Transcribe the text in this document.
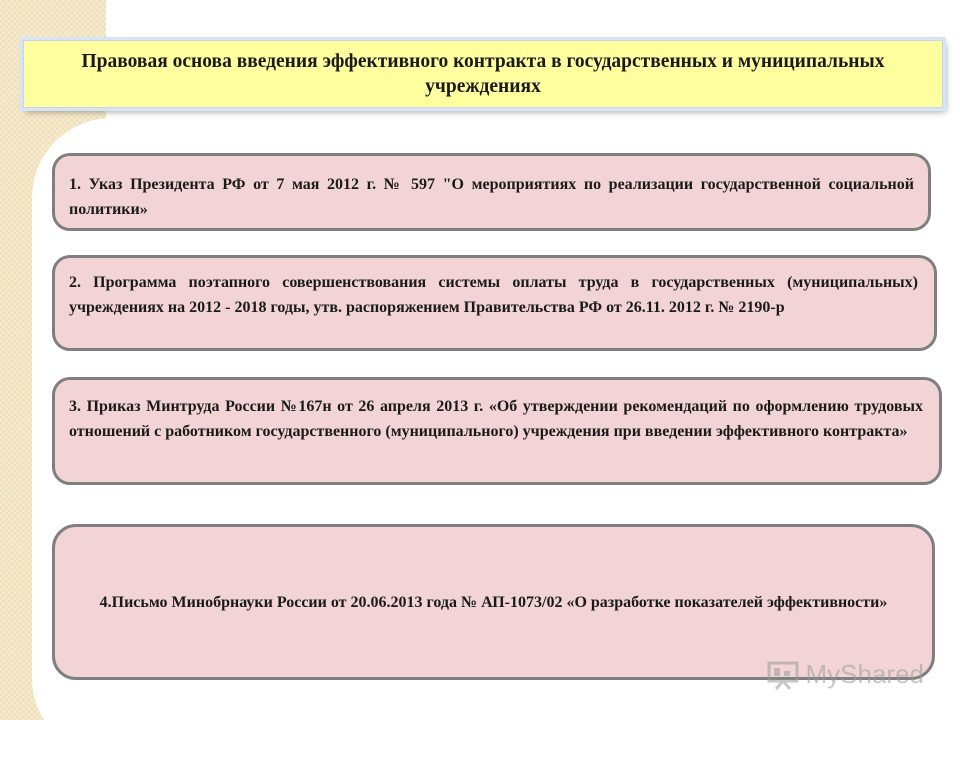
Правовая основа введения эффективного контракта в государственных и муниципальных учреждениях
1. Указ Президента РФ от 7 мая 2012 г. № 597 "О мероприятиях по реализации государственной социальной политики»
2. Программа поэтапного совершенствования системы оплаты труда в государственных (муниципальных) учреждениях на 2012 - 2018 годы, утв. распоряжением Правительства РФ от 26.11. 2012 г. № 2190-р
3. Приказ Минтруда России №167н от 26 апреля 2013 г. «Об утверждении рекомендаций по оформлению трудовых отношений с работником государственного (муниципального) учреждения при введении эффективного контракта»
4.Письмо Минобрнауки России от 20.06.2013 года № АП-1073/02 «О разработке показателей эффективности»
MyShared
